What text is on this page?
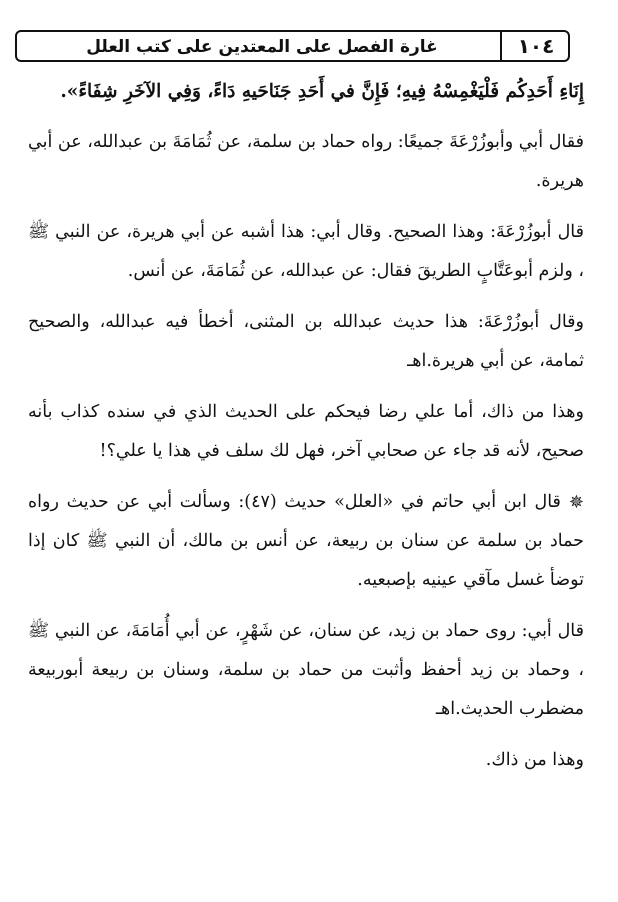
١٠٤
غارة الفصل على المعتدين على كتب العلل

إِنَاءِ أَحَدِكُم فَلْيَغْمِسْهُ فِيهِ؛ فَإِنَّ في أَحَدِ جَنَاحَيهِ دَاءً، وَفِي الآخَرِ شِفَاءً».

فقال أبي وأبوزُرْعَةَ جميعًا: رواه حماد بن سلمة، عن ثُمَامَةَ بن عبدالله، عن أبي هريرة.

قال أبوزُرْعَةَ: وهذا الصحيح. وقال أبي: هذا أشبه عن أبي هريرة، عن النبي ﷺ ، ولزم أبوعَتَّابٍ الطريقَ فقال: عن عبدالله، عن ثُمَامَةَ، عن أنس.

وقال أبوزُرْعَةَ: هذا حديث عبدالله بن المثنى، أخطأ فيه عبدالله، والصحيح ثمامة، عن أبي هريرة.اهـ

وهذا من ذاك، أما علي رضا فيحكم على الحديث الذي في سنده كذاب بأنه صحيح، لأنه قد جاء عن صحابي آخر، فهل لك سلف في هذا يا علي؟!

✵قال ابن أبي حاتم في «العلل» حديث (٤٧): وسألت أبي عن حديث رواه حماد بن سلمة عن سنان بن ربيعة، عن أنس بن مالك، أن النبي ﷺ كان إذا توضأ غسل مآقي عينيه بإصبعيه.

قال أبي: روى حماد بن زيد، عن سنان، عن شَهْرٍ، عن أبي أُمَامَةَ، عن النبي ﷺ ، وحماد بن زيد أحفظ وأثبت من حماد بن سلمة، وسنان بن ربيعة أبوربيعة مضطرب الحديث.اهـ

وهذا من ذاك.
